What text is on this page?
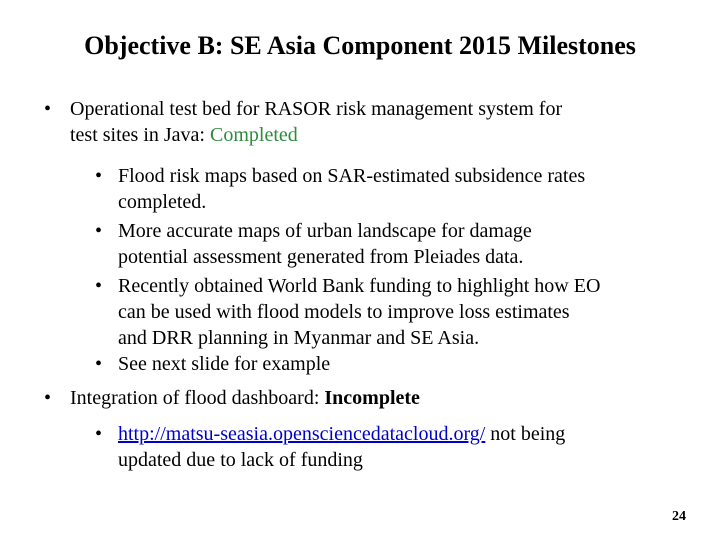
Objective B: SE Asia Component 2015 Milestones
• Operational test bed for RASOR risk management system for
test sites in Java: Completed
• Flood risk maps based on SAR-estimated subsidence rates
completed.
• More accurate maps of urban landscape for damage
potential assessment generated from Pleiades data.
• Recently obtained World Bank funding to highlight how EO
can be used with flood models to improve loss estimates
and DRR planning in Myanmar and SE Asia.
• See next slide for example
• Integration of flood dashboard: Incomplete
• http://matsu-seasia.opensciencedatacloud.org/ not being
updated due to lack of funding
24
